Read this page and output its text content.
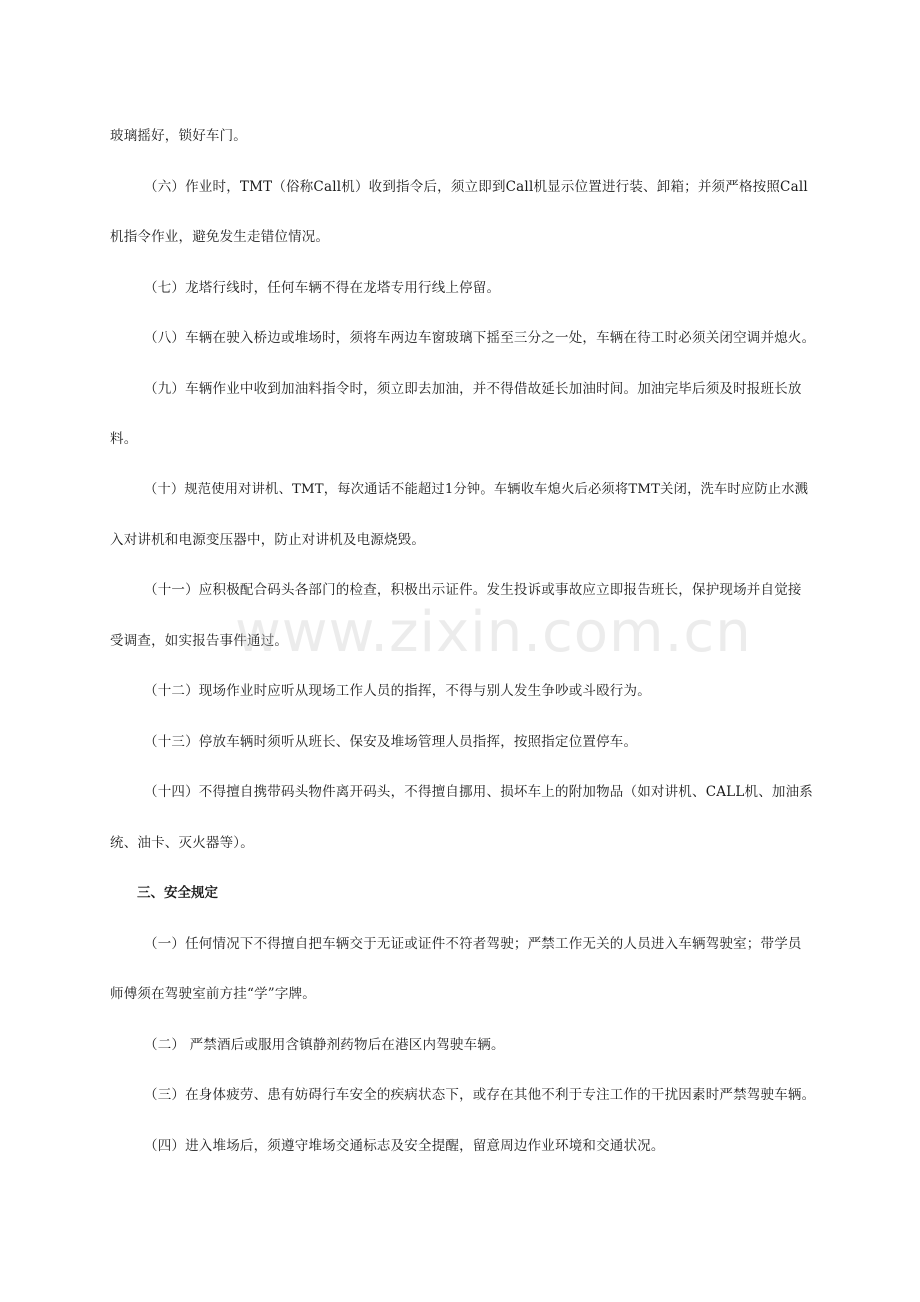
玻璃摇好，锁好车门。
（六）作业时，TMT（俗称Call机）收到指令后，须立即到Call机显示位置进行装、卸箱；并须严格按照Call
机指令作业，避免发生走错位情况。
（七）龙塔行线时，任何车辆不得在龙塔专用行线上停留。
（八）车辆在驶入桥边或堆场时，须将车两边车窗玻璃下摇至三分之一处，车辆在待工时必须关闭空调并熄火。
（九）车辆作业中收到加油料指令时，须立即去加油，并不得借故延长加油时间。加油完毕后须及时报班长放
料。
（十）规范使用对讲机、TMT，每次通话不能超过1分钟。车辆收车熄火后必须将TMT关闭，洗车时应防止水溅
入对讲机和电源变压器中，防止对讲机及电源烧毁。
（十一）应积极配合码头各部门的检查，积极出示证件。发生投诉或事故应立即报告班长，保护现场并自觉接
受调查，如实报告事件通过。
（十二）现场作业时应听从现场工作人员的指挥，不得与别人发生争吵或斗殴行为。
（十三）停放车辆时须听从班长、保安及堆场管理人员指挥，按照指定位置停车。
（十四）不得擅自携带码头物件离开码头，不得擅自挪用、损坏车上的附加物品（如对讲机、CALL机、加油系
统、油卡、灭火器等）。
三、安全规定
（一）任何情况下不得擅自把车辆交于无证或证件不符者驾驶；严禁工作无关的人员进入车辆驾驶室；带学员
师傅须在驾驶室前方挂“学”字牌。
（二） 严禁酒后或服用含镇静剂药物后在港区内驾驶车辆。
（三）在身体疲劳、患有妨碍行车安全的疾病状态下，或存在其他不利于专注工作的干扰因素时严禁驾驶车辆。
（四）进入堆场后，须遵守堆场交通标志及安全提醒，留意周边作业环境和交通状况。
www.zixin.com.cn
